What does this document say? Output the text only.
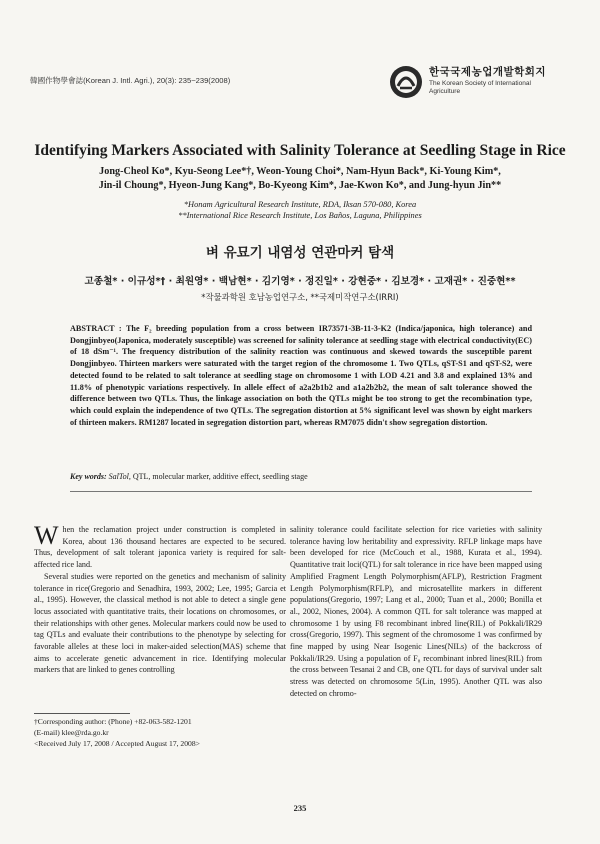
韓國作物學會誌(Korean J. Intl. Agri.), 20(3): 235~239(2008)
한국국제농업개발학회지
The Korean Society of International
Agriculture
Identifying Markers Associated with Salinity Tolerance at Seedling Stage in Rice
Jong-Cheol Ko*, Kyu-Seong Lee*†, Weon-Young Choi*, Nam-Hyun Back*, Ki-Young Kim*,
Jin-il Choung*, Hyeon-Jung Kang*, Bo-Kyeong Kim*, Jae-Kwon Ko*, and Jung-hyun Jin**
*Honam Agricultural Research Institute, RDA, Iksan 570-080, Korea
**International Rice Research Institute, Los Baños, Laguna, Philippines
벼 유묘기 내염성 연관마커 탐색
고종철* · 이규성*† · 최원영* · 백남현* · 김기영* · 정진일* · 강현중* · 김보경* · 고재권* · 진중현**
*작물과학원 호남농업연구소, **국제미작연구소(IRRI)
ABSTRACT : The F₂ breeding population from a cross between IR73571-3B-11-3-K2 (Indica/japonica, high tolerance) and Dongjinbyeo(Japonica, moderately susceptible) was screened for salinity tolerance at seedling stage with electrical conductivity(EC) of 18 dSm⁻¹. The frequency distribution of the salinity reaction was continuous and skewed towards the susceptible parent Dongjinbyeo. Thirteen markers were saturated with the target region of the chromosome 1. Two QTLs, qST-S1 and qST-S2, were detected found to be related to salt tolerance at seedling stage on chromosome 1 with LOD 4.21 and 3.8 and explained 13% and 11.8% of phenotypic variations respectively. In allele effect of a2a2b1b2 and a1a2b2b2, the mean of salt tolerance showed the difference between two QTLs. Thus, the linkage association on both the QTLs might be too strong to get the recombination type, which could explain the independence of two QTLs. The segregation distortion at 5% significant level was shown by eight markers of thirteen makers. RM1287 located in segregation distortion part, whereas RM7075 didn't show segregation distortion.
Key words: SalTol, QTL, molecular marker, additive effect, seedling stage

When the reclamation project under construction is completed in Korea, about 136 thousand hectares are expected to be secured. Thus, development of salt tolerant japonica variety is required for salt-affected rice land.

Several studies were reported on the genetics and mechanism of salinity tolerance in rice(Gregorio and Senadhira, 1993, 2002; Lee, 1995; Garcia et al., 1995). However, the classical method is not able to detect a single gene locus associated with quantitative traits, their locations on chromosomes, or their relationships with other genes. Molecular markers could now be used to tag QTLs and evaluate their contributions to the phenotype by selecting for favorable alleles at these loci in maker-aided selection(MAS) scheme that aims to accelerate genetic advancement in rice. Identifying molecular markers that are linked to genes controlling

salinity tolerance could facilitate selection for rice varieties with salinity tolerance having low heritability and expressivity. RFLP linkage maps have been developed for rice (McCouch et al., 1988, Kurata et al., 1994). Quantitative trait loci(QTL) for salt tolerance in rice have been mapped using Amplified Fragment Length Polymorphism(AFLP), Restriction Fragment Length Polymorphism(RFLP), and microsatellite markers in different populations(Gregorio, 1997; Lang et al., 2000; Tuan et al., 2000; Bonilla et al., 2002, Niones, 2004). A common QTL for salt tolerance was mapped at chromosome 1 by using F8 recombinant inbred line(RIL) of Pokkali/IR29 cross(Gregorio, 1997). This segment of the chromosome 1 was confirmed by fine mapped by using Near Isogenic Lines(NILs) of the backcross of Pokkali/IR29. Using a population of F₈ recombinant inbred lines(RIL) from the cross between Tesanai 2 and CB, one QTL for days of survival under salt stress was detected on chromosome 5(Lin, 1995). Another QTL was also detected on chromo-

†Corresponding author: (Phone) +82-063-582-1201
(E-mail) klee@rda.go.kr
<Received July 17, 2008 / Accepted August 17, 2008>
235
